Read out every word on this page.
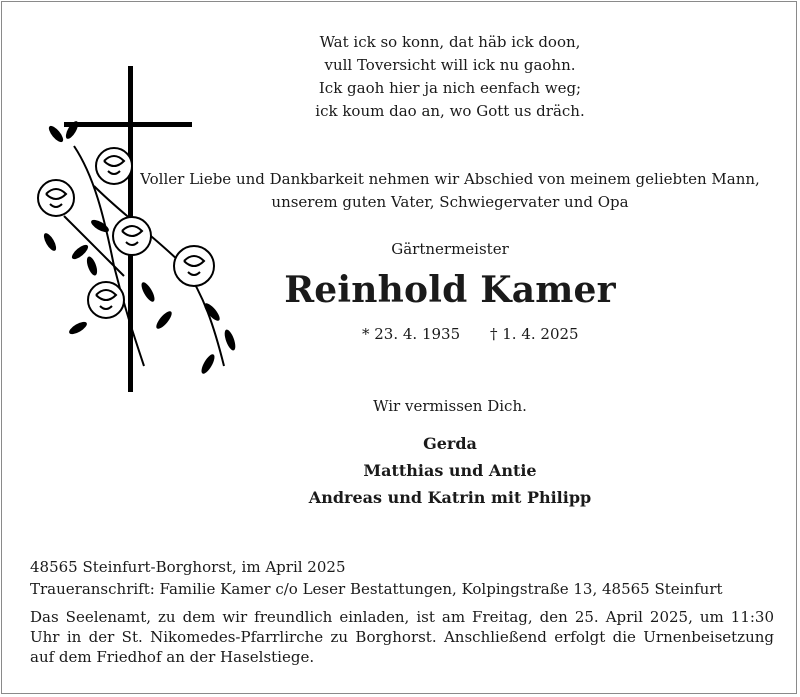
Wat ick so konn, dat häb ick doon,
vull Toversicht will ick nu gaohn.
Ick gaoh hier ja nich eenfach weg;
ick koum dao an, wo Gott us dräch.
Voller Liebe und Dankbarkeit nehmen wir Abschied von meinem geliebten Mann,
unserem guten Vater, Schwiegervater und Opa
Gärtnermeister
Reinhold Kamer
* 23. 4. 1935 † 1. 4. 2025
Wir vermissen Dich.
Gerda
Matthias und Antie
Andreas und Katrin mit Philipp
48565 Steinfurt-Borghorst, im April 2025
Traueranschrift: Familie Kamer c/o Leser Bestattungen, Kolpingstraße 13, 48565 Steinfurt
Das Seelenamt, zu dem wir freundlich einladen, ist am Freitag, den 25. April 2025, um 11:30 Uhr in der St. Nikomedes-Pfarrlirche zu Borghorst. Anschließend erfolgt die Urnenbeisetzung auf dem Friedhof an der Haselstiege.
